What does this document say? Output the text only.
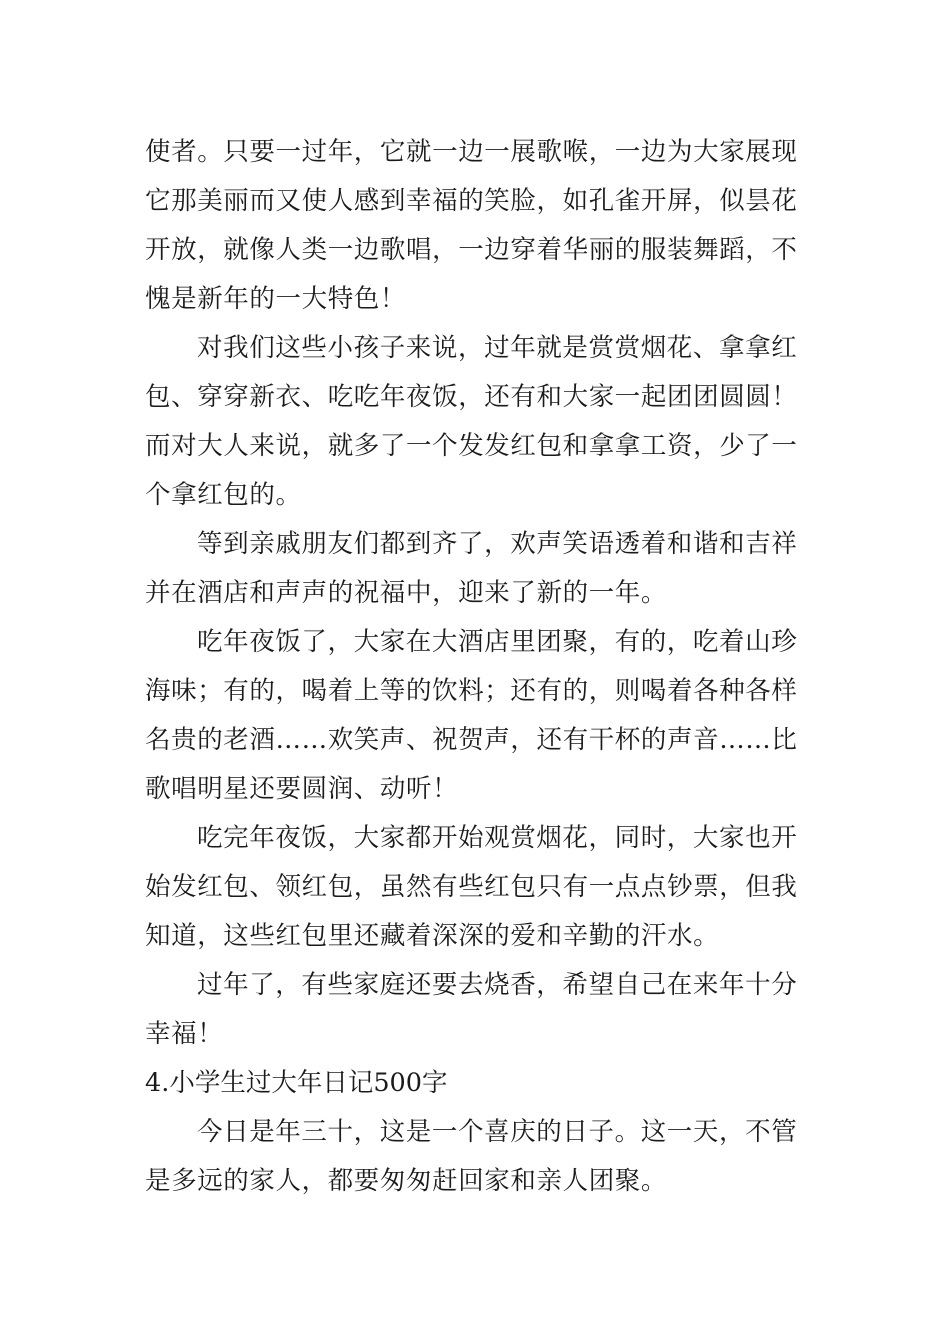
使者。只要一过年，它就一边一展歌喉，一边为大家展现
它那美丽而又使人感到幸福的笑脸，如孔雀开屏，似昙花
开放，就像人类一边歌唱，一边穿着华丽的服装舞蹈，不
愧是新年的一大特色！
对我们这些小孩子来说，过年就是赏赏烟花、拿拿红
包、穿穿新衣、吃吃年夜饭，还有和大家一起团团圆圆！
而对大人来说，就多了一个发发红包和拿拿工资，少了一
个拿红包的。
等到亲戚朋友们都到齐了，欢声笑语透着和谐和吉祥
并在酒店和声声的祝福中，迎来了新的一年。
吃年夜饭了，大家在大酒店里团聚，有的，吃着山珍
海味；有的，喝着上等的饮料；还有的，则喝着各种各样
名贵的老酒……欢笑声、祝贺声，还有干杯的声音……比
歌唱明星还要圆润、动听！
吃完年夜饭，大家都开始观赏烟花，同时，大家也开
始发红包、领红包，虽然有些红包只有一点点钞票，但我
知道，这些红包里还藏着深深的爱和辛勤的汗水。
过年了，有些家庭还要去烧香，希望自己在来年十分
幸福！
4.小学生过大年日记500字
今日是年三十，这是一个喜庆的日子。这一天，不管
是多远的家人，都要匆匆赶回家和亲人团聚。
